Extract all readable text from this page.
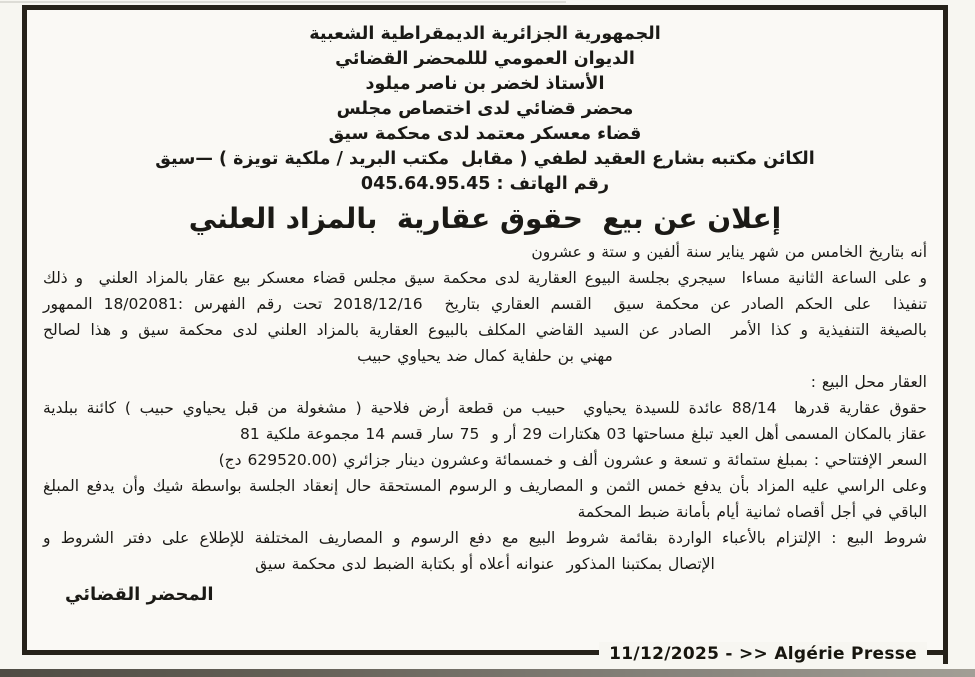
الجمهورية الجزائرية الديمقراطية الشعبية

الديوان العمومي لللمحضر القضائي

الأستاذ لخضر بن ناصر ميلود

محضر قضائي لدى اختصاص مجلس

قضاء معسكر معتمد لدى محكمة سيق

الكائن مكتبه بشارع العقيد لطفي ( مقابل  مكتب البريد / ملكية تويزة ) —سيق

رقم الهاتف : 045.64.95.45

إعلان عن بيع  حقوق عقارية  بالمزاد العلني

أنه بتاريخ الخامس من شهر يناير سنة ألفين و ستة و عشرون

و على الساعة الثانية مساءا  سيجري بجلسة البيوع العقارية لدى محكمة سيق مجلس قضاء معسكر بيع عقار بالمزاد العلني  و ذلك

تنفيذا  على الحكم الصادر عن محكمة سيق  القسم العقاري بتاريخ  2018/12/16 تحت رقم الفهرس :18/02081 الممهور

بالصيغة التنفيذية و كذا الأمر  الصادر عن السيد القاضي المكلف بالبيوع العقارية بالمزاد العلني لدى محكمة سيق و هذا لصالح

مهني بن حلفاية كمال ضد يحياوي حبيب

العقار محل البيع :

حقوق عقارية قدرها  88/14 عائدة للسيدة يحياوي  حبيب من قطعة أرض فلاحية ( مشغولة من قبل يحياوي حبيب ) كائنة ببلدية

عقاز بالمكان المسمى أهل العيد تبلغ مساحتها 03 هكتارات 29 أر و  75 سار قسم 14 مجموعة ملكية 81

السعر الإفتتاحي : بمبلغ ستمائة و تسعة و عشرون ألف و خمسمائة وعشرون دينار جزائري (629520.00 دج)

وعلى الراسي عليه المزاد بأن يدفع خمس الثمن و المصاريف و الرسوم المستحقة حال إنعقاد الجلسة بواسطة شيك وأن يدفع المبلغ

الباقي في أجل أقصاه ثمانية أيام بأمانة ضبط المحكمة

شروط البيع : الإلتزام بالأعباء الواردة بقائمة شروط البيع مع دفع الرسوم و المصاريف المختلفة للإطلاع على دفتر الشروط و

الإتصال بمكتبنا المذكور  عنوانه أعلاه أو بكتابة الضبط لدى محكمة سيق

المحضر القضائي

11/12/2025 - >> Algérie Presse
